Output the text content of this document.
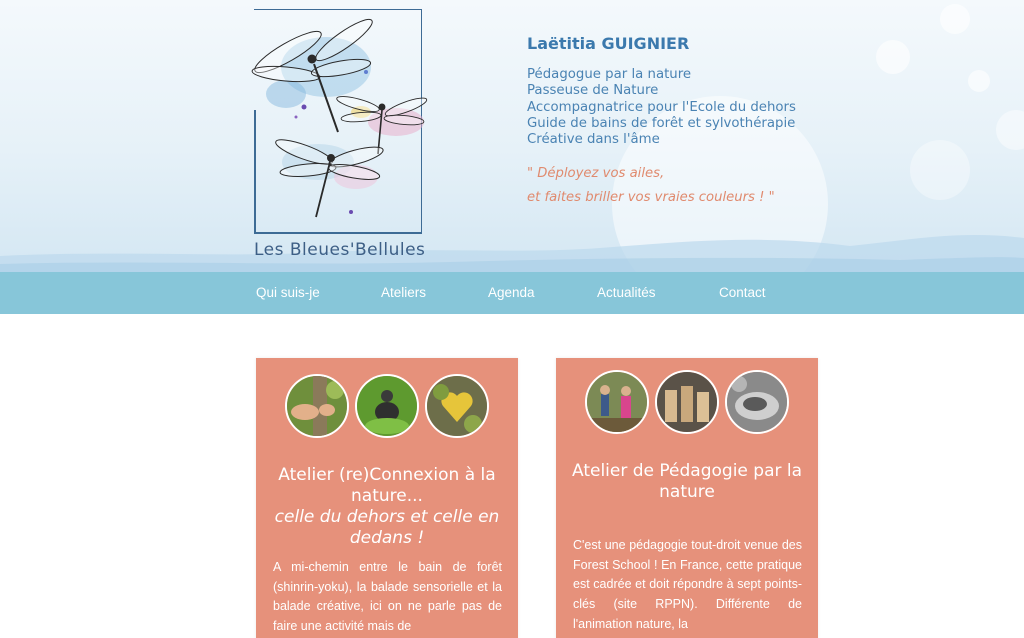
Les Bleues'Bellules
Laëtitia GUIGNIER
Pédagogue par la nature
Passeuse de Nature
Accompagnatrice pour l'Ecole du dehors
Guide de bains de forêt et sylvothérapie
Créative dans l'âme
" Déployez vos ailes,
et faites briller vos vraies couleurs ! "
Qui suis-je	Ateliers	Agenda	Actualités	Contact
Atelier (re)Connexion à la nature...
celle du dehors et celle en dedans !
A mi-chemin entre le bain de forêt (shinrin-yoku), la balade sensorielle et la balade créative, ici on ne parle pas de faire une activité mais de
Atelier de Pédagogie par la nature
C'est une pédagogie tout-droit venue des Forest School ! En France, cette pratique est cadrée et doit répondre à sept points-clés (site RPPN). Différente de l'animation nature, la
